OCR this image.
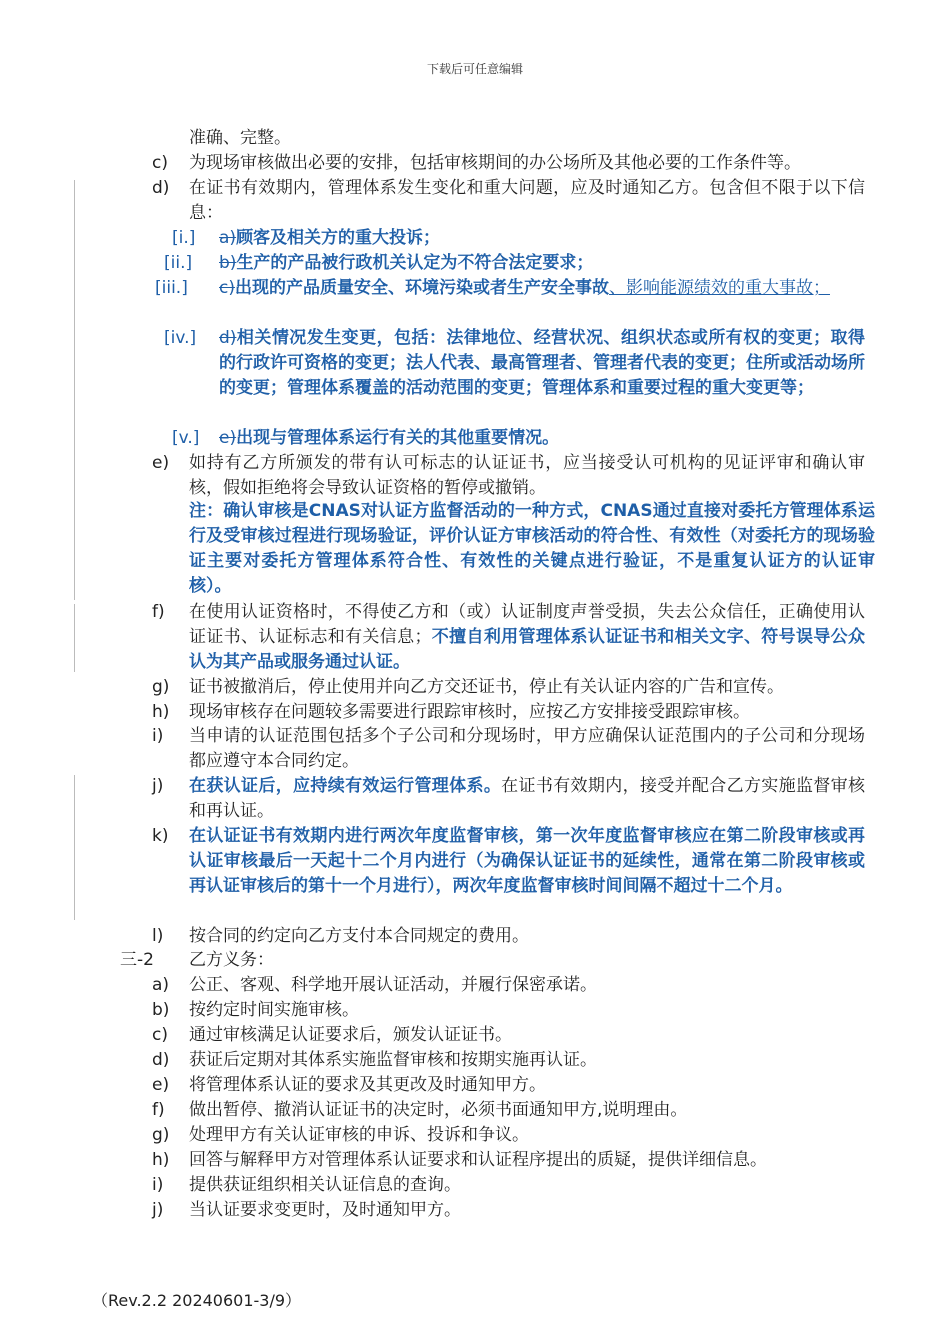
下载后可任意编辑
准确、完整。
c) 为现场审核做出必要的安排，包括审核期间的办公场所及其他必要的工作条件等。
d) 在证书有效期内，管理体系发生变化和重大问题，应及时通知乙方。包含但不限于以下信息：
[i.] a)顾客及相关方的重大投诉；
[ii.] b)生产的产品被行政机关认定为不符合法定要求；
[iii.] c)出现的产品质量安全、环境污染或者生产安全事故、影响能源绩效的重大事故；
[iv.] d)相关情况发生变更，包括：法律地位、经营状况、组织状态或所有权的变更；取得的行政许可资格的变更；法人代表、最高管理者、管理者代表的变更；住所或活动场所的变更；管理体系覆盖的活动范围的变更；管理体系和重要过程的重大变更等；
[v.] e)出现与管理体系运行有关的其他重要情况。
e) 如持有乙方所颁发的带有认可标志的认证证书，应当接受认可机构的见证评审和确认审核，假如拒绝将会导致认证资格的暂停或撤销。
注：确认审核是CNAS对认证方监督活动的一种方式，CNAS通过直接对委托方管理体系运行及受审核过程进行现场验证，评价认证方审核活动的符合性、有效性（对委托方的现场验证主要对委托方管理体系符合性、有效性的关键点进行验证，不是重复认证方的认证审核）。
f) 在使用认证资格时，不得使乙方和（或）认证制度声誉受损，失去公众信任，正确使用认证证书、认证标志和有关信息；不擅自利用管理体系认证证书和相关文字、符号误导公众认为其产品或服务通过认证。
g) 证书被撤消后，停止使用并向乙方交还证书，停止有关认证内容的广告和宣传。
h) 现场审核存在问题较多需要进行跟踪审核时，应按乙方安排接受跟踪审核。
i) 当申请的认证范围包括多个子公司和分现场时，甲方应确保认证范围内的子公司和分现场都应遵守本合同约定。
j) 在获认证后，应持续有效运行管理体系。在证书有效期内，接受并配合乙方实施监督审核和再认证。
k) 在认证证书有效期内进行两次年度监督审核，第一次年度监督审核应在第二阶段审核或再认证审核最后一天起十二个月内进行（为确保认证证书的延续性，通常在第二阶段审核或再认证审核后的第十一个月进行），两次年度监督审核时间间隔不超过十二个月。
l) 按合同的约定向乙方支付本合同规定的费用。
三-2 乙方义务：
a) 公正、客观、科学地开展认证活动，并履行保密承诺。
b) 按约定时间实施审核。
c) 通过审核满足认证要求后，颁发认证证书。
d) 获证后定期对其体系实施监督审核和按期实施再认证。
e) 将管理体系认证的要求及其更改及时通知甲方。
f) 做出暂停、撤消认证证书的决定时，必须书面通知甲方,说明理由。
g) 处理甲方有关认证审核的申诉、投诉和争议。
h) 回答与解释甲方对管理体系认证要求和认证程序提出的质疑，提供详细信息。
i) 提供获证组织相关认证信息的查询。
j) 当认证要求变更时，及时通知甲方。
（Rev.2.2 20240601-3/9）
